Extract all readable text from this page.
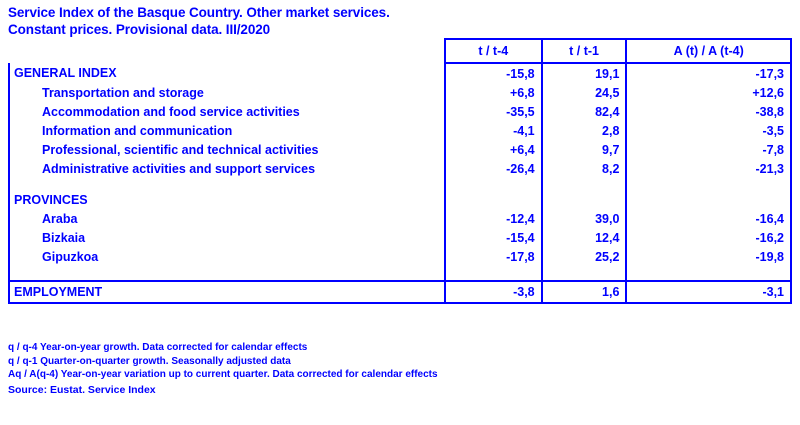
Service Index of the Basque Country. Other market services.
Constant prices. Provisional data. III/2020
	t / t-4	t / t-1	A (t) / A (t-4)
GENERAL INDEX	-15,8	19,1	-17,3
Transportation and storage	+6,8	24,5	+12,6
Accommodation and food service activities	-35,5	82,4	-38,8
Information and communication	-4,1	2,8	-3,5
Professional, scientific and technical activities	+6,4	9,7	-7,8
Administrative activities and support services	-26,4	8,2	-21,3

PROVINCES			
Araba	-12,4	39,0	-16,4
Bizkaia	-15,4	12,4	-16,2
Gipuzkoa	-17,8	25,2	-19,8

EMPLOYMENT	-3,8	1,6	-3,1
q / q-4 Year-on-year growth. Data corrected for calendar effects
q / q-1 Quarter-on-quarter growth. Seasonally adjusted data
Aq / A(q-4) Year-on-year variation up to current quarter. Data corrected for calendar effects
Source: Eustat. Service Index
